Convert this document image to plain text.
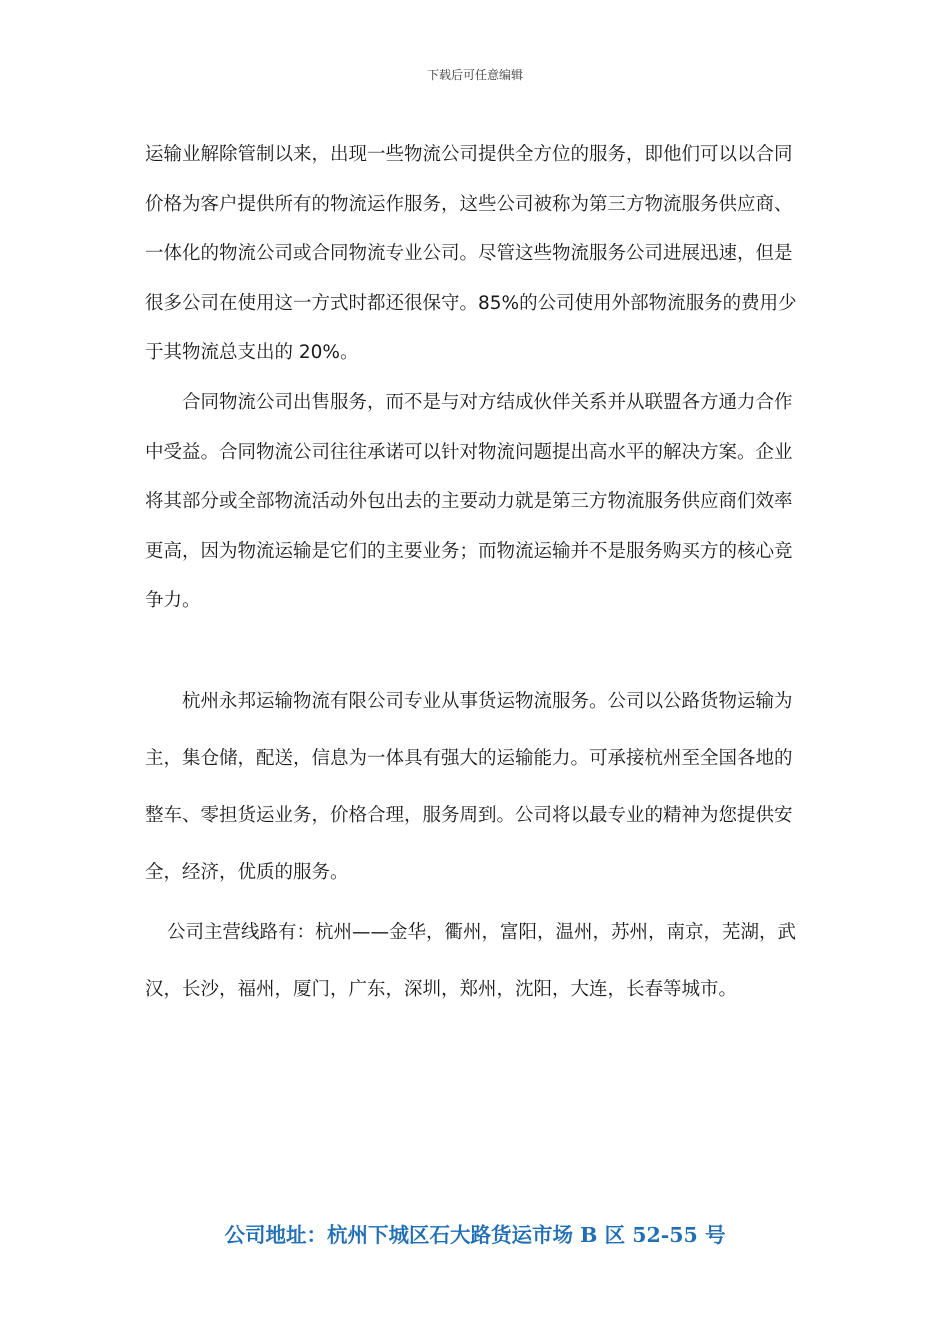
下载后可任意编辑

运输业解除管制以来，出现一些物流公司提供全方位的服务，即他们可以以合同价格为客户提供所有的物流运作服务，这些公司被称为第三方物流服务供应商、一体化的物流公司或合同物流专业公司。尽管这些物流服务公司进展迅速，但是很多公司在使用这一方式时都还很保守。85%的公司使用外部物流服务的费用少于其物流总支出的 20%。

合同物流公司出售服务，而不是与对方结成伙伴关系并从联盟各方通力合作中受益。合同物流公司往往承诺可以针对物流问题提出高水平的解决方案。企业将其部分或全部物流活动外包出去的主要动力就是第三方物流服务供应商们效率更高，因为物流运输是它们的主要业务；而物流运输并不是服务购买方的核心竞争力。

杭州永邦运输物流有限公司专业从事货运物流服务。公司以公路货物运输为主，集仓储，配送，信息为一体具有强大的运输能力。可承接杭州至全国各地的整车、零担货运业务，价格合理，服务周到。公司将以最专业的精神为您提供安全，经济，优质的服务。

公司主营线路有：杭州——金华，衢州，富阳，温州，苏州，南京，芜湖，武汉，长沙，福州，厦门，广东，深圳，郑州，沈阳，大连，长春等城市。

公司地址：杭州下城区石大路货运市场 B 区 52-55 号
